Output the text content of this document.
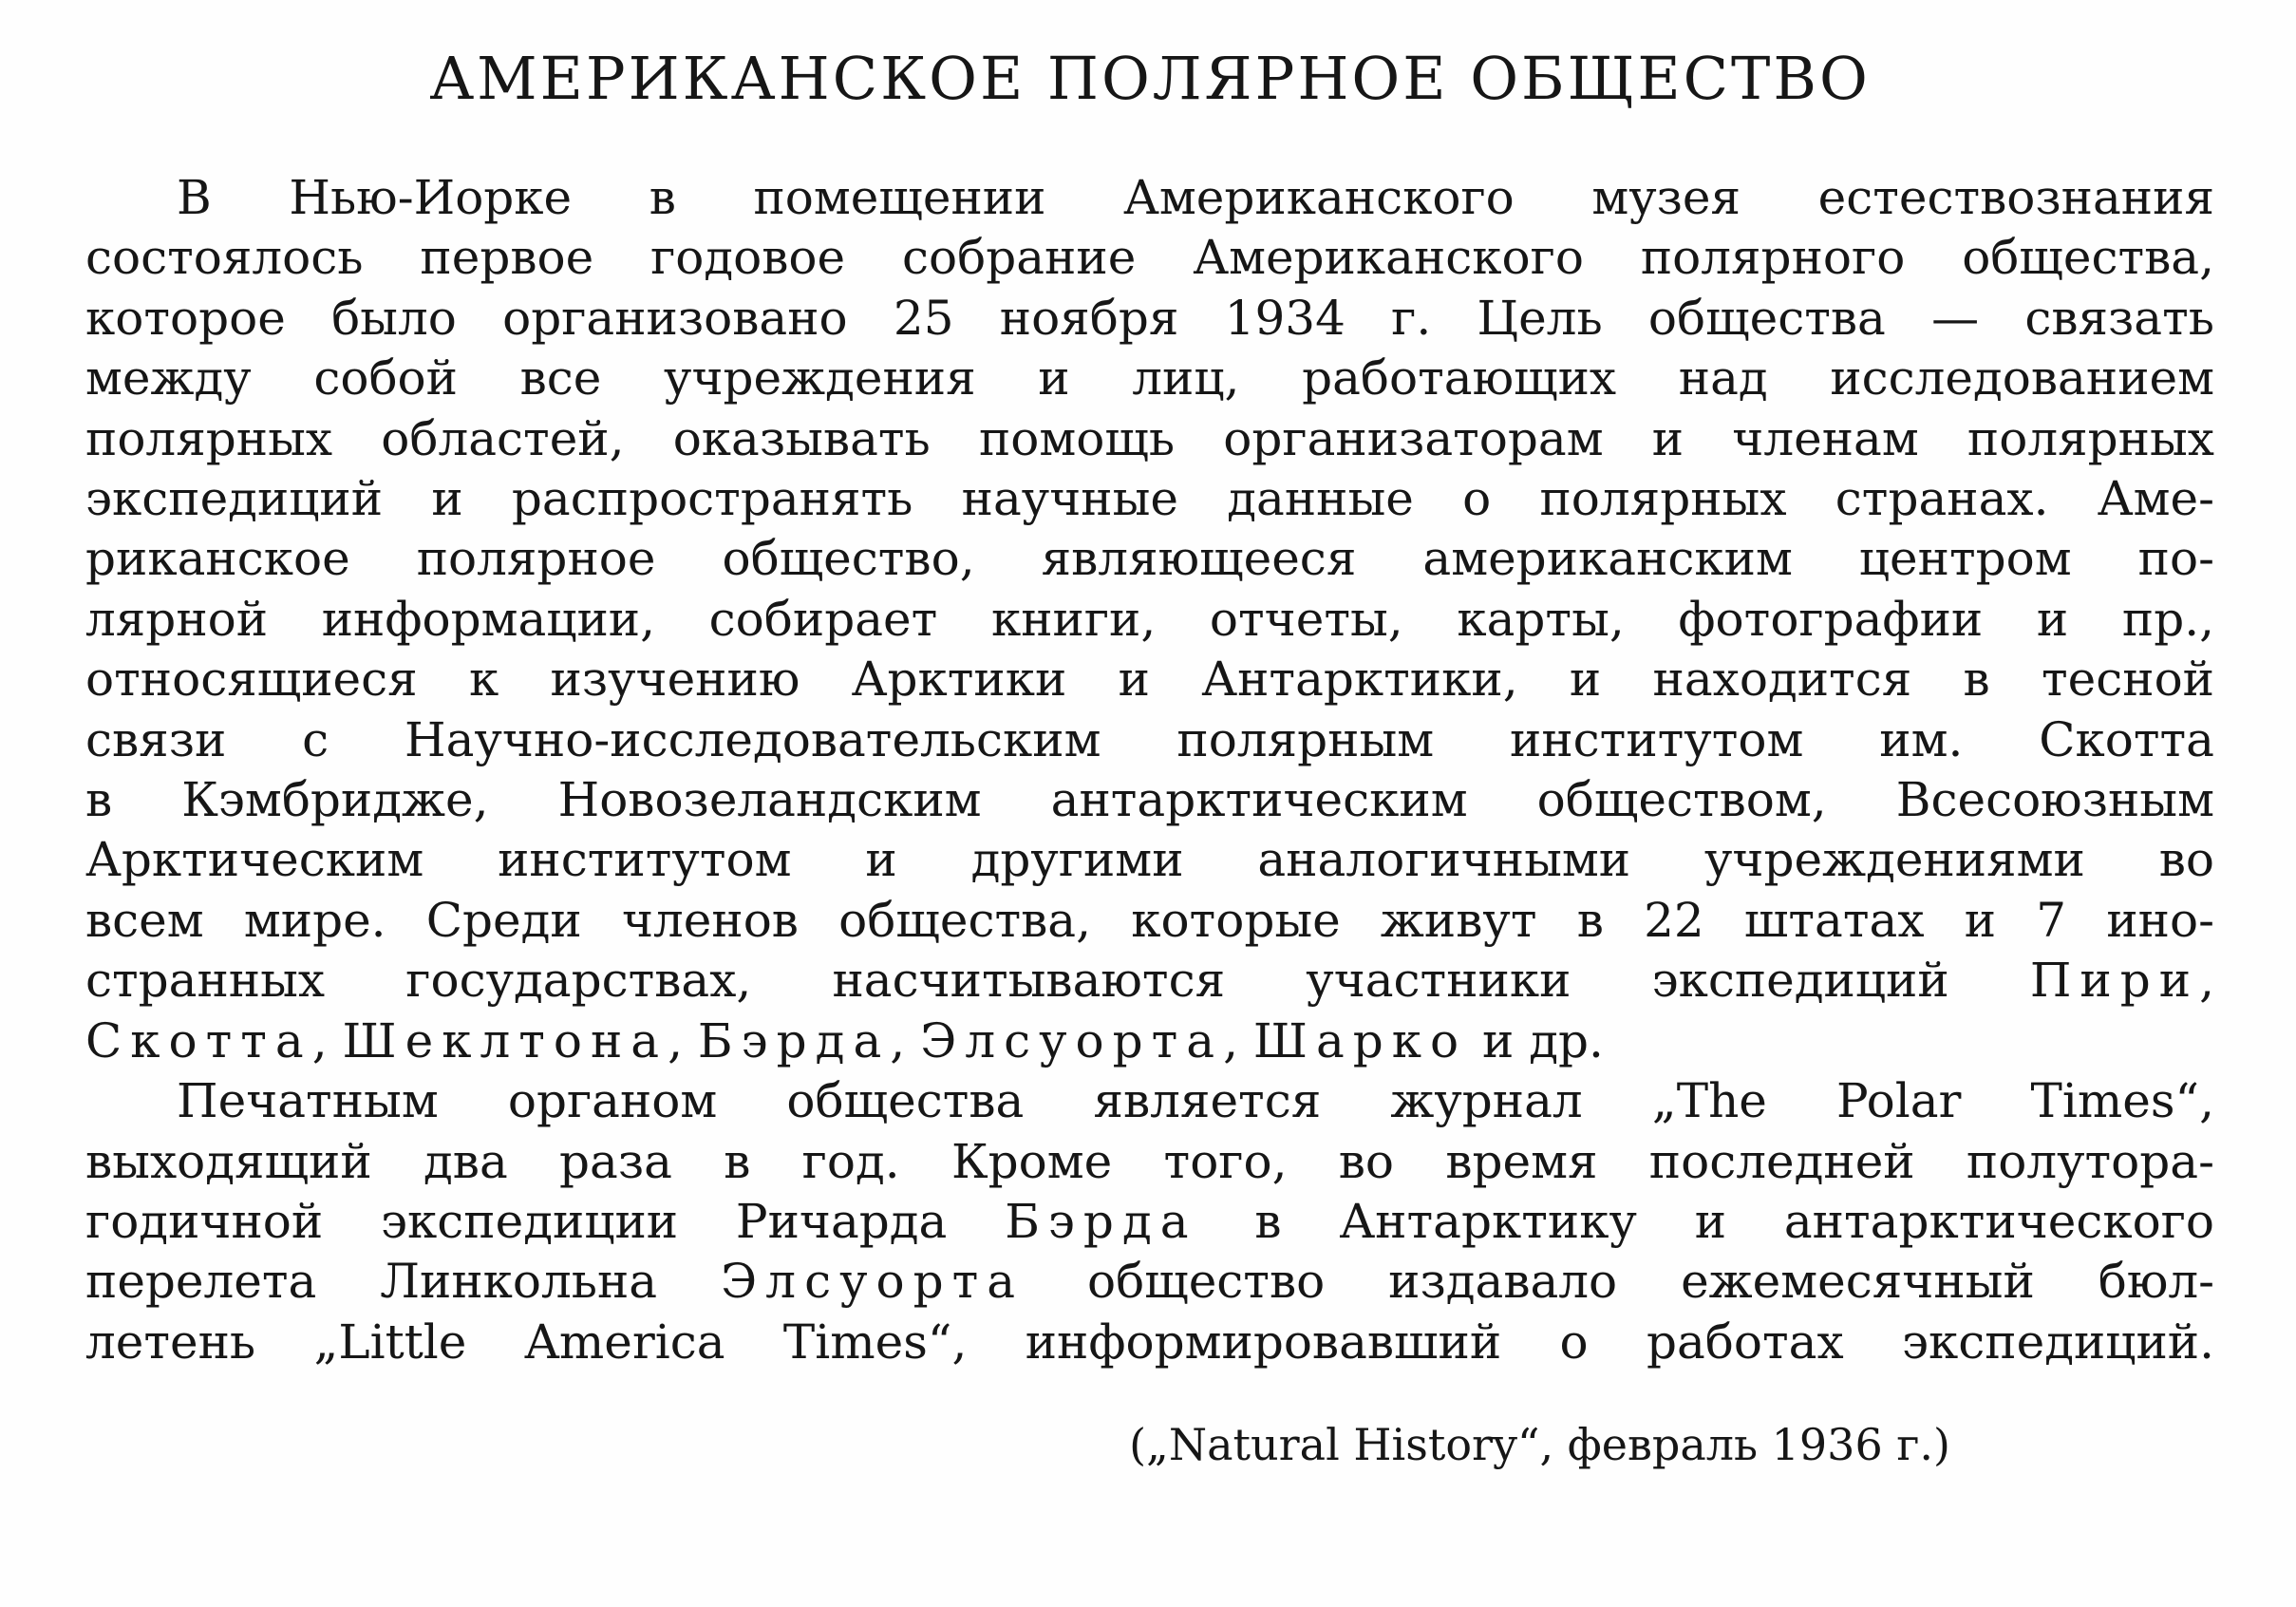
АМЕРИКАНСКОЕ ПОЛЯРНОЕ ОБЩЕСТВО
В Нью-Иорке в помещении Американского музея естествознания
состоялось первое годовое собрание Американского полярного общества,
которое было организовано 25 ноября 1934 г. Цель общества — связать
между собой все учреждения и лиц, работающих над исследованием
полярных областей, оказывать помощь организаторам и членам полярных
экспедиций и распространять научные данные о полярных странах. Аме-
риканское полярное общество, являющееся американским центром по-
лярной информации, собирает книги, отчеты, карты, фотографии и пр.,
относящиеся к изучению Арктики и Антарктики, и находится в тесной
связи с Научно-исследовательским полярным институтом им. Скотта
в Кэмбридже, Новозеландским антарктическим обществом, Всесоюзным
Арктическим институтом и другими аналогичными учреждениями во
всем мире. Среди членов общества, которые живут в 22 штатах и 7 ино-
странных государствах, насчитываются участники экспедиций Пири,
Скотта, Шеклтона, Бэрда, Элсуорта, Шарко и др.
Печатным органом общества является журнал „The Polar Times“,
выходящий два раза в год. Кроме того, во время последней полутора-
годичной экспедиции Ричарда Бэрда в Антарктику и антарктического
перелета Линкольна Элсуорта общество издавало ежемесячный бюл-
летень „Little America Times“, информировавший о работах экспедиций.
(„Natural History“, февраль 1936 г.)
